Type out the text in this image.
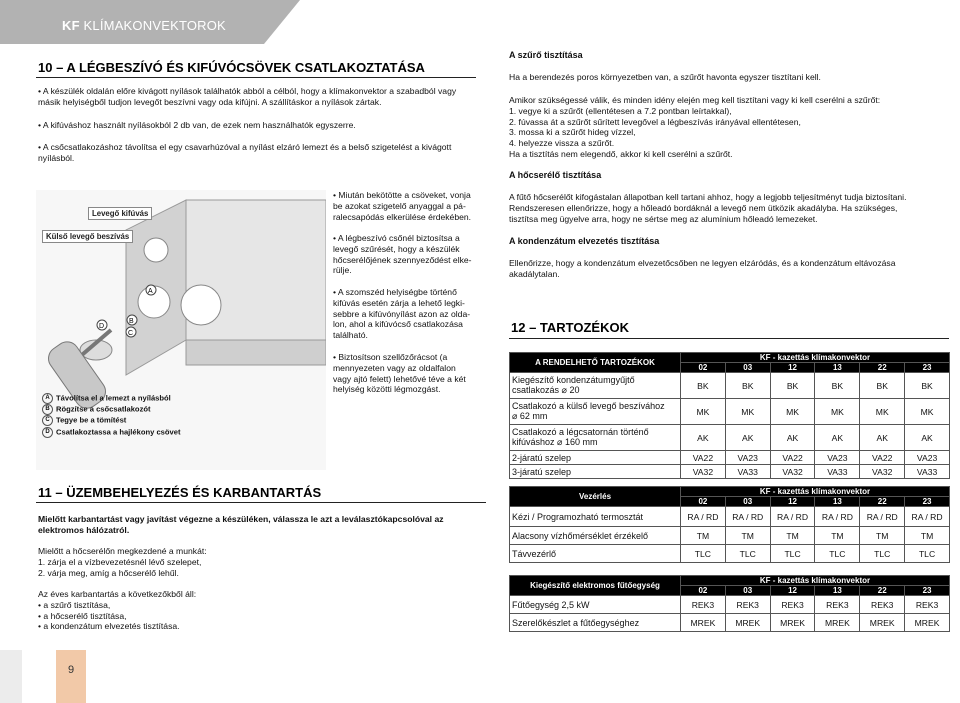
KF KLÍMAKONVEKTOROK
10 – A LÉGBESZÍVÓ ÉS KIFÚVÓCSÖVEK CSATLAKOZTATÁSA
• A készülék oldalán előre kivágott nyílások találhatók abból a célból, hogy a klímakonvektor a szabadból vagy másik helyiségből tudjon levegőt beszívni vagy oda kifújni. A szállításkor a nyílások zártak.
• A kifúváshoz használt nyílásokból 2 db van, de ezek nem használhatók egyszerre.
• A csőcsatlakozáshoz távolítsa el egy csavarhúzóval a nyílást elzáró lemezt és a belső szigetelést a kivágott nyílásból.
A
B
C
D
Levegő kifúvás
Külső levegő beszívás
A Távolítsa el a lemezt a nyílásból
B Rögzítse a csőcsatlakozót
C Tegye be a tömítést
D Csatlakoztassa a hajlékony csövet
• Miután bekötötte a csöveket, vonja
be azokat szigetelő anyaggal a pá-
ralecsapódás elkerülése érdekében.
• A légbeszívó csőnél biztosítsa a
levegő szűrését, hogy a készülék
hőcserélőjének szennyeződést elke-
rülje.
• A szomszéd helyiségbe történő
kifúvás esetén zárja a lehető legki-
sebbre a kifúvónyílást azon az olda-
lon, ahol a kifúvócső csatlakozása
található.
• Biztosítson szellőzőrácsot (a
mennyezeten vagy az oldalfalon
vagy ajtó felett) lehetővé téve a két
helyiség közötti légmozgást.
11 – ÜZEMBEHELYEZÉS ÉS KARBANTARTÁS
Mielőtt karbantartást vagy javítást végezne a készüléken, válassza le azt a leválasztókapcsolóval az elektromos hálózatról.
Mielőtt a hőcserélőn megkezdené a munkát:
1. zárja el a vízbevezetésnél lévő szelepet,
2. várja meg, amíg a hőcserélő lehűl.
Az éves karbantartás a következőkből áll:
• a szűrő tisztítása,
• a hőcserélő tisztítása,
• a kondenzátum elvezetés tisztítása.
A szűrő tisztítása
Ha a berendezés poros környezetben van, a szűrőt havonta egyszer tisztítani kell.
Amikor szükségessé válik, és minden idény elején meg kell tisztítani vagy ki kell cserélni a szűrőt:
1. vegye ki a szűrőt (ellentétesen a 7.2 pontban leírtakkal),
2. fúvassa át a szűrőt sűrített levegővel a légbeszívás irányával ellentétesen,
3. mossa ki a szűrőt hideg vízzel,
4. helyezze vissza a szűrőt.
Ha a tisztítás nem elegendő, akkor ki kell cserélni a szűrőt.
A hőcserélő tisztítása
A fűtő hőcserélőt kifogástalan állapotban kell tartani ahhoz, hogy a legjobb teljesítményt tudja biztosítani.
Rendszeresen ellenőrizze, hogy a hőleadó bordáknál a levegő nem ütközik akadályba. Ha szükséges,
tisztítsa meg ügyelve arra, hogy ne sértse meg az alumínium hőleadó lemezeket.
A kondenzátum elvezetés tisztítása
Ellenőrizze, hogy a kondenzátum elvezetőcsőben ne legyen elzáródás, és a kondenzátum eltávozása
akadálytalan.
12 – TARTOZÉKOK
A RENDELHETŐ TARTOZÉKOK	KF - kazettás klímakonvektor					
	02	03	12	13	22	23

Kiegészítő kondenzátumgyűjtő
csatlakozás ⌀ 20	BK	BK	BK	BK	BK	BK

Csatlakozó a külső levegő beszívához
⌀ 62 mm	MK	MK	MK	MK	MK	MK

Csatlakozó a légcsatornán történő
kifúváshoz ⌀ 160 mm	AK	AK	AK	AK	AK	AK
2-járatú szelep	VA22	VA23	VA22	VA23	VA22	VA23
3-járatú szelep	VA32	VA33	VA32	VA33	VA32	VA33
Vezérlés	KF - kazettás klímakonvektor					
	02	03	12	13	22	23
Kézi / Programozható termosztát	RA / RD	RA / RD	RA / RD	RA / RD	RA / RD	RA / RD
Alacsony vízhőmérséklet érzékelő	TM	TM	TM	TM	TM	TM
Távvezérlő	TLC	TLC	TLC	TLC	TLC	TLC
Kiegészítő elektromos fűtőegység	KF - kazettás klímakonvektor					
	02	03	12	13	22	23
Fűtőegység 2,5 kW	REK3	REK3	REK3	REK3	REK3	REK3
Szerelőkészlet a fűtőegységhez	MREK	MREK	MREK	MREK	MREK	MREK
9
